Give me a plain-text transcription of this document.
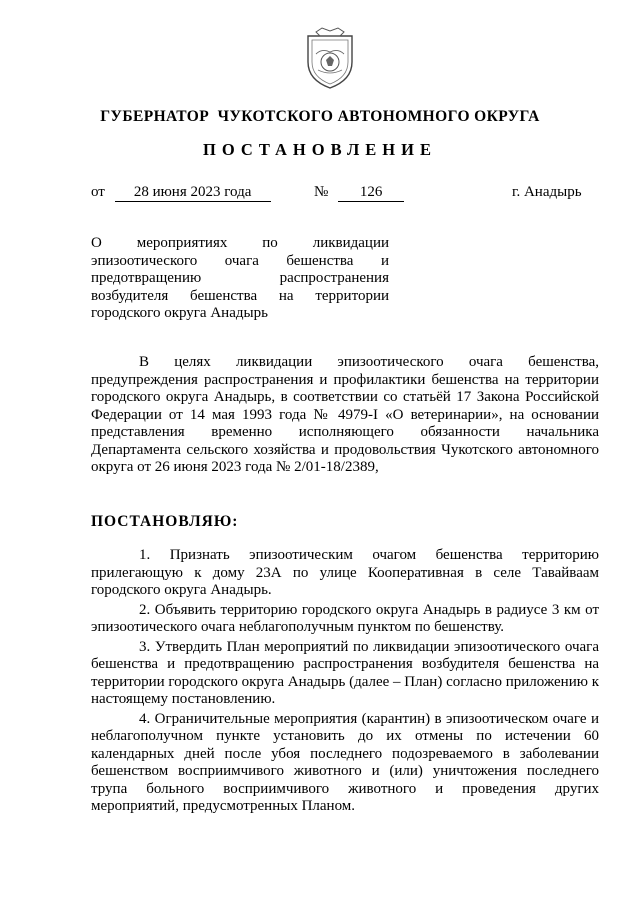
ГУБЕРНАТОР  ЧУКОТСКОГО АВТОНОМНОГО ОКРУГА
ПОСТАНОВЛЕНИЕ
от 28 июня 2023 года	№ 126	г. Анадырь
О мероприятиях по ликвидации эпизоотического очага бешенства и предотвращению распространения возбудителя бешенства на территории городского округа Анадырь
В целях ликвидации эпизоотического очага бешенства, предупреждения распространения и профилактики бешенства на территории городского округа Анадырь, в соответствии со статьёй 17 Закона Российской Федерации от 14 мая 1993 года № 4979-I «О ветеринарии», на основании представления временно исполняющего обязанности начальника Департамента сельского хозяйства и продовольствия Чукотского автономного округа от 26 июня 2023 года № 2/01-18/2389,
ПОСТАНОВЛЯЮ:

1. Признать эпизоотическим очагом бешенства территорию прилегающую к дому 23А по улице Кооперативная в селе Тавайваам городского округа Анадырь.

2. Объявить территорию городского округа Анадырь в радиусе 3 км от эпизоотического очага неблагополучным пунктом по бешенству.

3. Утвердить План мероприятий по ликвидации эпизоотического очага бешенства и предотвращению распространения возбудителя бешенства на территории городского округа Анадырь (далее – План) согласно приложению к настоящему постановлению.

4. Ограничительные мероприятия (карантин) в эпизоотическом очаге и неблагополучном пункте установить до их отмены по истечении 60 календарных дней после убоя последнего подозреваемого в заболевании бешенством восприимчивого животного и (или) уничтожения последнего трупа больного восприимчивого животного и проведения других мероприятий, предусмотренных Планом.
